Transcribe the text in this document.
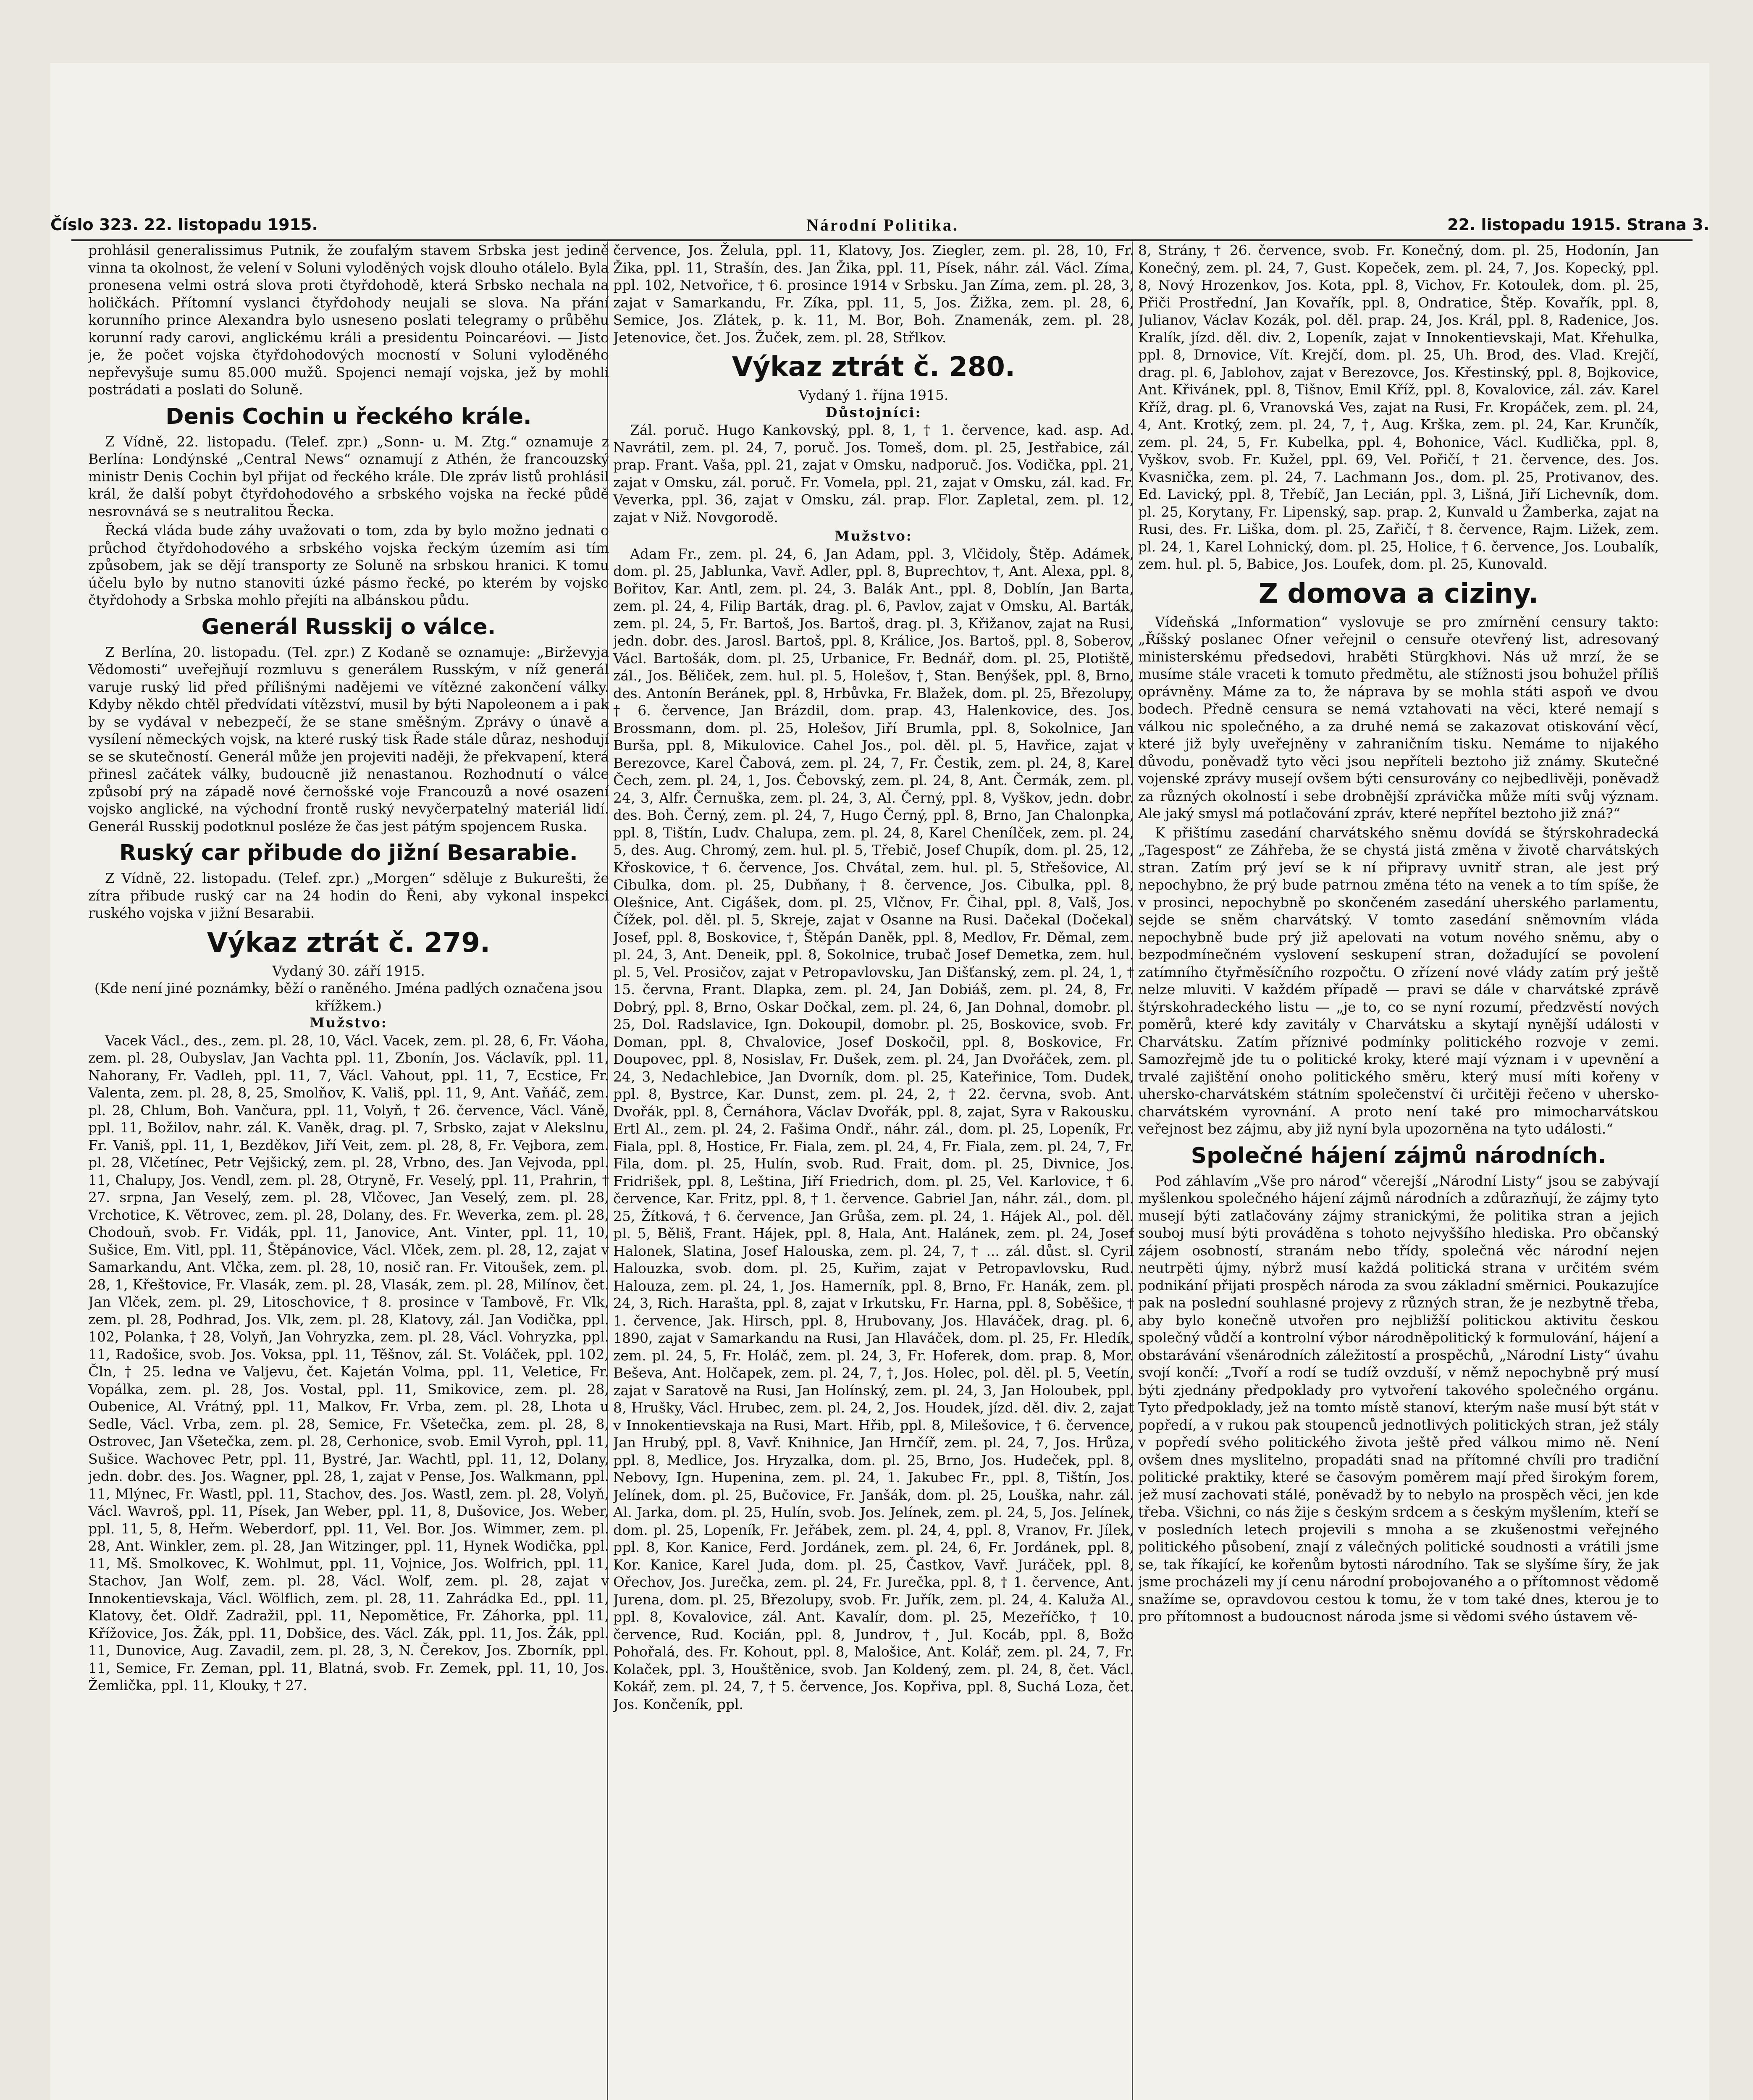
Číslo 323. 22. listopadu 1915.	Národní Politika.	22. listopadu 1915. Strana 3.

prohlásil generalissimus Putnik, že zoufalým stavem Srbska jest jedině vinna ta okolnost, že velení v Soluni vyloděných vojsk dlouho otálelo. Byla pronesena velmi ostrá slova proti čtyřdohodě, která Srbsko nechala na holičkách. Přítomní vyslanci čtyřdohody neujali se slova. Na přání korunního prince Alexandra bylo usneseno poslati telegramy o průběhu korunní rady carovi, anglickému králi a presidentu Poincaréovi. — Jisto je, že počet vojska čtyřdohodových mocností v Soluni vyloděného nepřevyšuje sumu 85.000 mužů. Spojenci nemají vojska, jež by mohli postrádati a poslati do Soluně.

Denis Cochin u řeckého krále.

Z Vídně, 22. listopadu. (Telef. zpr.) „Sonn- u. M. Ztg.“ oznamuje z Berlína: Londýnské „Central News“ oznamují z Athén, že francouzský ministr Denis Cochin byl přijat od řeckého krále. Dle zpráv listů prohlásil král, že další pobyt čtyřdohodového a srbského vojska na řecké půdě nesrovnává se s neutralitou Řecka.

Řecká vláda bude záhy uvažovati o tom, zda by bylo možno jednati o průchod čtyřdohodového a srbského vojska řeckým územím asi tím způsobem, jak se dějí transporty ze Soluně na srbskou hranici. K tomu účelu bylo by nutno stanoviti úzké pásmo řecké, po kterém by vojsko čtyřdohody a Srbska mohlo přejíti na albánskou půdu.

Generál Russkij o válce.

Z Berlína, 20. listopadu. (Tel. zpr.) Z Kodaně se oznamuje: „Birževyja Vědomosti“ uveřejňují rozmluvu s generálem Rusským, v níž generál varuje ruský lid před přílišnými nadějemi ve vítězné zakončení války. Kdyby někdo chtěl předvídati vítězství, musil by býti Napoleonem a i pak by se vydával v nebezpečí, že se stane směšným. Zprávy o únavě a vysílení německých vojsk, na které ruský tisk Řade stále důraz, neshodují se se skutečností. Generál může jen projeviti naději, že překvapení, která přinesl začátek války, budoucně již nenastanou. Rozhodnutí o válce způsobí prý na západě nové černošské voje Francouzů a nové osazení vojsko anglické, na východní frontě ruský nevyčerpatelný materiál lidí. Generál Russkij podotknul posléze že čas jest pátým spojencem Ruska.

Ruský car přibude do jižní Besarabie.

Z Vídně, 22. listopadu. (Telef. zpr.) „Morgen“ sděluje z Bukurešti, že zítra přibude ruský car na 24 hodin do Řeni, aby vykonal inspekci ruského vojska v jižní Besarabii.

Výkaz ztrát č. 279.
Vydaný 30. září 1915.
(Kde není jiné poznámky, běží o raněného. Jména padlých označena jsou křížkem.)
Mužstvo:

Vacek Václ., des., zem. pl. 28, 10, Václ. Vacek, zem. pl. 28, 6, Fr. Váoha, zem. pl. 28, Oubyslav, Jan Vachta ppl. 11, Zbonín, Jos. Václavík, ppl. 11, Nahorany, Fr. Vadleh, ppl. 11, 7, Václ. Vahout, ppl. 11, 7, Ecstice, Fr. Valenta, zem. pl. 28, 8, 25, Smolňov, K. Vališ, ppl. 11, 9, Ant. Vaňáč, zem. pl. 28, Chlum, Boh. Vančura, ppl. 11, Volyň, † 26. července, Václ. Váně, ppl. 11, Božilov, nahr. zál. K. Vaněk, drag. pl. 7, Srbsko, zajat v Alekslnu, Fr. Vaniš, ppl. 11, 1, Bezděkov, Jiří Veit, zem. pl. 28, 8, Fr. Vejbora, zem. pl. 28, Vlčetínec, Petr Vejšický, zem. pl. 28, Vrbno, des. Jan Vejvoda, ppl. 11, Chalupy, Jos. Vendl, zem. pl. 28, Otryně, Fr. Veselý, ppl. 11, Prahrin, † 27. srpna, Jan Veselý, zem. pl. 28, Vlčovec, Jan Veselý, zem. pl. 28, Vrchotice, K. Větrovec, zem. pl. 28, Dolany, des. Fr. Weverka, zem. pl. 28, Chodouň, svob. Fr. Vidák, ppl. 11, Janovice, Ant. Vinter, ppl. 11, 10, Sušice, Em. Vitl, ppl. 11, Štěpánovice, Václ. Vlček, zem. pl. 28, 12, zajat v Samarkandu, Ant. Vlčka, zem. pl. 28, 10, nosič ran. Fr. Vitoušek, zem. pl. 28, 1, Křeštovice, Fr. Vlasák, zem. pl. 28, Vlasák, zem. pl. 28, Milínov, čet. Jan Vlček, zem. pl. 29, Litoschovice, † 8. prosince v Tambově, Fr. Vlk, zem. pl. 28, Podhrad, Jos. Vlk, zem. pl. 28, Klatovy, zál. Jan Vodička, ppl. 102, Polanka, † 28, Volyň, Jan Vohryzka, zem. pl. 28, Václ. Vohryzka, ppl. 11, Radošice, svob. Jos. Voksa, ppl. 11, Těšnov, zál. St. Voláček, ppl. 102, Čln, † 25. ledna ve Valjevu, čet. Kajetán Volma, ppl. 11, Veletice, Fr. Vopálka, zem. pl. 28, Jos. Vostal, ppl. 11, Smikovice, zem. pl. 28, Oubenice, Al. Vrátný, ppl. 11, Malkov, Fr. Vrba, zem. pl. 28, Lhota u Sedle, Václ. Vrba, zem. pl. 28, Semice, Fr. Všetečka, zem. pl. 28, 8, Ostrovec, Jan Všetečka, zem. pl. 28, Cerhonice, svob. Emil Vyroh, ppl. 11, Sušice. Wachovec Petr, ppl. 11, Bystré, Jar. Wachtl, ppl. 11, 12, Dolany, jedn. dobr. des. Jos. Wagner, ppl. 28, 1, zajat v Pense, Jos. Walkmann, ppl. 11, Mlýnec, Fr. Wastl, ppl. 11, Stachov, des. Jos. Wastl, zem. pl. 28, Volyň, Václ. Wavroš, ppl. 11, Písek, Jan Weber, ppl. 11, 8, Dušovice, Jos. Weber, ppl. 11, 5, 8, Heřm. Weberdorf, ppl. 11, Vel. Bor. Jos. Wimmer, zem. pl. 28, Ant. Winkler, zem. pl. 28, Jan Witzinger, ppl. 11, Hynek Wodička, ppl. 11, Mš. Smolkovec, K. Wohlmut, ppl. 11, Vojnice, Jos. Wolfrich, ppl. 11, Stachov, Jan Wolf, zem. pl. 28, Václ. Wolf, zem. pl. 28, zajat v Innokentievskaja, Václ. Wölflich, zem. pl. 28, 11. Zahrádka Ed., ppl. 11, Klatovy, čet. Oldř. Zadražil, ppl. 11, Nepomětice, Fr. Záhorka, ppl. 11, Křížovice, Jos. Žák, ppl. 11, Dobšice, des. Václ. Zák, ppl. 11, Jos. Žák, ppl. 11, Dunovice, Aug. Zavadil, zem. pl. 28, 3, N. Čerekov, Jos. Zborník, ppl. 11, Semice, Fr. Zeman, ppl. 11, Blatná, svob. Fr. Zemek, ppl. 11, 10, Jos. Žemlička, ppl. 11, Klouky, † 27.

července, Jos. Želula, ppl. 11, Klatovy, Jos. Ziegler, zem. pl. 28, 10, Fr. Žika, ppl. 11, Strašín, des. Jan Žika, ppl. 11, Písek, náhr. zál. Václ. Zíma, ppl. 102, Netvořice, † 6. prosince 1914 v Srbsku. Jan Zíma, zem. pl. 28, 3, zajat v Samarkandu, Fr. Zíka, ppl. 11, 5, Jos. Žižka, zem. pl. 28, 6, Semice, Jos. Zlátek, p. k. 11, M. Bor, Boh. Znamenák, zem. pl. 28, Jetenovice, čet. Jos. Žuček, zem. pl. 28, Střlkov.

Výkaz ztrát č. 280.
Vydaný 1. října 1915.
Důstojníci:

Zál. poruč. Hugo Kankovský, ppl. 8, 1, † 1. července, kad. asp. Ad. Navrátil, zem. pl. 24, 7, poruč. Jos. Tomeš, dom. pl. 25, Jestřabice, zál. prap. Frant. Vaša, ppl. 21, zajat v Omsku, nadporuč. Jos. Vodička, ppl. 21, zajat v Omsku, zál. poruč. Fr. Vomela, ppl. 21, zajat v Omsku, zál. kad. Fr. Veverka, ppl. 36, zajat v Omsku, zál. prap. Flor. Zapletal, zem. pl. 12, zajat v Niž. Novgorodě.

Mužstvo:

Adam Fr., zem. pl. 24, 6, Jan Adam, ppl. 3, Vlčidoly, Štěp. Adámek, dom. pl. 25, Jablunka, Vavř. Adler, ppl. 8, Buprechtov, †, Ant. Alexa, ppl. 8, Bořitov, Kar. Antl, zem. pl. 24, 3. Balák Ant., ppl. 8, Doblín, Jan Barta, zem. pl. 24, 4, Filip Barták, drag. pl. 6, Pavlov, zajat v Omsku, Al. Barták, zem. pl. 24, 5, Fr. Bartoš, Jos. Bartoš, drag. pl. 3, Křižanov, zajat na Rusi, jedn. dobr. des. Jarosl. Bartoš, ppl. 8, Králice, Jos. Bartoš, ppl. 8, Soberov, Václ. Bartošák, dom. pl. 25, Urbanice, Fr. Bednář, dom. pl. 25, Plotiště, zál., Jos. Běliček, zem. hul. pl. 5, Holešov, †, Stan. Benýšek, ppl. 8, Brno, des. Antonín Beránek, ppl. 8, Hrbůvka, Fr. Blažek, dom. pl. 25, Březolupy, † 6. července, Jan Brázdil, dom. prap. 43, Halenkovice, des. Jos. Brossmann, dom. pl. 25, Holešov, Jiří Brumla, ppl. 8, Sokolnice, Jan Burša, ppl. 8, Mikulovice. Cahel Jos., pol. děl. pl. 5, Havřice, zajat v Berezovce, Karel Čabová, zem. pl. 24, 7, Fr. Čestik, zem. pl. 24, 8, Karel Čech, zem. pl. 24, 1, Jos. Čebovský, zem. pl. 24, 8, Ant. Čermák, zem. pl. 24, 3, Alfr. Černuška, zem. pl. 24, 3, Al. Černý, ppl. 8, Vyškov, jedn. dobr. des. Boh. Černý, zem. pl. 24, 7, Hugo Černý, ppl. 8, Brno, Jan Chalonpka, ppl. 8, Tištín, Ludv. Chalupa, zem. pl. 24, 8, Karel Chenílček, zem. pl. 24, 5, des. Aug. Chromý, zem. hul. pl. 5, Třebič, Josef Chupík, dom. pl. 25, 12, Křoskovice, † 6. července, Jos. Chvátal, zem. hul. pl. 5, Střešovice, Al. Cibulka, dom. pl. 25, Dubňany, † 8. července, Jos. Cibulka, ppl. 8, Olešnice, Ant. Cigášek, dom. pl. 25, Vlčnov, Fr. Čihal, ppl. 8, Valš, Jos. Čížek, pol. děl. pl. 5, Skreje, zajat v Osanne na Rusi. Dačekal (Dočekal) Josef, ppl. 8, Boskovice, †, Štěpán Daněk, ppl. 8, Medlov, Fr. Děmal, zem. pl. 24, 3, Ant. Deneik, ppl. 8, Sokolnice, trubač Josef Demetka, zem. hul. pl. 5, Vel. Prosičov, zajat v Petropavlovsku, Jan Dišťanský, zem. pl. 24, 1, † 15. června, Frant. Dlapka, zem. pl. 24, Jan Dobiáš, zem. pl. 24, 8, Fr. Dobrý, ppl. 8, Brno, Oskar Dočkal, zem. pl. 24, 6, Jan Dohnal, domobr. pl. 25, Dol. Radslavice, Ign. Dokoupil, domobr. pl. 25, Boskovice, svob. Fr. Doman, ppl. 8, Chvalovice, Josef Doskočil, ppl. 8, Boskovice, Fr. Doupovec, ppl. 8, Nosislav, Fr. Dušek, zem. pl. 24, Jan Dvořáček, zem. pl. 24, 3, Nedachlebice, Jan Dvorník, dom. pl. 25, Kateřinice, Tom. Dudek, ppl. 8, Bystrce, Kar. Dunst, zem. pl. 24, 2, † 22. června, svob. Ant. Dvořák, ppl. 8, Černáhora, Václav Dvořák, ppl. 8, zajat, Syra v Rakousku. Ertl Al., zem. pl. 24, 2. Fašima Ondř., náhr. zál., dom. pl. 25, Lopeník, Fr. Fiala, ppl. 8, Hostice, Fr. Fiala, zem. pl. 24, 4, Fr. Fiala, zem. pl. 24, 7, Fr. Fila, dom. pl. 25, Hulín, svob. Rud. Frait, dom. pl. 25, Divnice, Jos. Fridrišek, ppl. 8, Leština, Jiří Friedrich, dom. pl. 25, Vel. Karlovice, † 6. července, Kar. Fritz, ppl. 8, † 1. července. Gabriel Jan, náhr. zál., dom. pl. 25, Žítková, † 6. července, Jan Grůša, zem. pl. 24, 1. Hájek Al., pol. děl. pl. 5, Běliš, Frant. Hájek, ppl. 8, Hala, Ant. Halánek, zem. pl. 24, Josef Halonek, Slatina, Josef Halouska, zem. pl. 24, 7, † ... zál. důst. sl. Cyril Halouzka, svob. dom. pl. 25, Kuřim, zajat v Petropavlovsku, Rud. Halouza, zem. pl. 24, 1, Jos. Hamerník, ppl. 8, Brno, Fr. Hanák, zem. pl. 24, 3, Rich. Harašta, ppl. 8, zajat v Irkutsku, Fr. Harna, ppl. 8, Soběšice, † 1. července, Jak. Hirsch, ppl. 8, Hrubovany, Jos. Hlaváček, drag. pl. 6, 1890, zajat v Samarkandu na Rusi, Jan Hlaváček, dom. pl. 25, Fr. Hledík, zem. pl. 24, 5, Fr. Holáč, zem. pl. 24, 3, Fr. Hoferek, dom. prap. 8, Mor. Beševa, Ant. Holčapek, zem. pl. 24, 7, †, Jos. Holec, pol. děl. pl. 5, Veetín, zajat v Saratově na Rusi, Jan Holínský, zem. pl. 24, 3, Jan Holoubek, ppl. 8, Hrušky, Václ. Hrubec, zem. pl. 24, 2, Jos. Houdek, jízd. děl. div. 2, zajat v Innokentievskaja na Rusi, Mart. Hřib, ppl. 8, Milešovice, † 6. července, Jan Hrubý, ppl. 8, Vavř. Knihnice, Jan Hrnčíř, zem. pl. 24, 7, Jos. Hrůza, ppl. 8, Medlice, Jos. Hryzalka, dom. pl. 25, Brno, Jos. Hudeček, ppl. 8, Nebovy, Ign. Hupenina, zem. pl. 24, 1. Jakubec Fr., ppl. 8, Tištín, Jos. Jelínek, dom. pl. 25, Bučovice, Fr. Janšák, dom. pl. 25, Louška, nahr. zál. Al. Jarka, dom. pl. 25, Hulín, svob. Jos. Jelínek, zem. pl. 24, 5, Jos. Jelínek, dom. pl. 25, Lopeník, Fr. Jeřábek, zem. pl. 24, 4, ppl. 8, Vranov, Fr. Jílek, ppl. 8, Kor. Kanice, Ferd. Jordánek, zem. pl. 24, 6, Fr. Jordánek, ppl. 8, Kor. Kanice, Karel Juda, dom. pl. 25, Častkov, Vavř. Juráček, ppl. 8, Ořechov, Jos. Jurečka, zem. pl. 24, Fr. Jurečka, ppl. 8, † 1. července, Ant. Jurena, dom. pl. 25, Březolupy, svob. Fr. Juřík, zem. pl. 24, 4. Kaluža Al., ppl. 8, Kovalovice, zál. Ant. Kavalír, dom. pl. 25, Mezeříčko, † 10. července, Rud. Kocián, ppl. 8, Jundrov, †, Jul. Kocáb, ppl. 8, Božo Pohořalá, des. Fr. Kohout, ppl. 8, Malošice, Ant. Kolář, zem. pl. 24, 7, Fr. Kolaček, ppl. 3, Houštěnice, svob. Jan Koldený, zem. pl. 24, 8, čet. Václ. Kokář, zem. pl. 24, 7, † 5. července, Jos. Kopřiva, ppl. 8, Suchá Loza, čet. Jos. Končeník, ppl.

8, Strány, † 26. července, svob. Fr. Konečný, dom. pl. 25, Hodonín, Jan Konečný, zem. pl. 24, 7, Gust. Kopeček, zem. pl. 24, 7, Jos. Kopecký, ppl. 8, Nový Hrozenkov, Jos. Kota, ppl. 8, Vichov, Fr. Kotoulek, dom. pl. 25, Přiči Prostřední, Jan Kovařík, ppl. 8, Ondratice, Štěp. Kovařík, ppl. 8, Julianov, Václav Kozák, pol. děl. prap. 24, Jos. Král, ppl. 8, Radenice, Jos. Kralík, jízd. děl. div. 2, Lopeník, zajat v Innokentievskaji, Mat. Křehulka, ppl. 8, Drnovice, Vít. Krejčí, dom. pl. 25, Uh. Brod, des. Vlad. Krejčí, drag. pl. 6, Jablohov, zajat v Berezovce, Jos. Křestinský, ppl. 8, Bojkovice, Ant. Křivánek, ppl. 8, Tišnov, Emil Kříž, ppl. 8, Kovalovice, zál. záv. Karel Kříž, drag. pl. 6, Vranovská Ves, zajat na Rusi, Fr. Kropáček, zem. pl. 24, 4, Ant. Krotký, zem. pl. 24, 7, †, Aug. Krška, zem. pl. 24, Kar. Krunčík, zem. pl. 24, 5, Fr. Kubelka, ppl. 4, Bohonice, Václ. Kudlička, ppl. 8, Vyškov, svob. Fr. Kužel, ppl. 69, Vel. Pořičí, † 21. července, des. Jos. Kvasnička, zem. pl. 24, 7. Lachmann Jos., dom. pl. 25, Protivanov, des. Ed. Lavický, ppl. 8, Třebíč, Jan Lecián, ppl. 3, Lišná, Jiří Lichevník, dom. pl. 25, Korytany, Fr. Lipenský, sap. prap. 2, Kunvald u Žamberka, zajat na Rusi, des. Fr. Liška, dom. pl. 25, Zařičí, † 8. července, Rajm. Ližek, zem. pl. 24, 1, Karel Lohnický, dom. pl. 25, Holice, † 6. července, Jos. Loubalík, zem. hul. pl. 5, Babice, Jos. Loufek, dom. pl. 25, Kunovald.

Z domova a ciziny.

Vídeňská „Information“ vyslovuje se pro zmírnění censury takto: „Říšský poslanec Ofner veřejnil o censuře otevřený list, adresovaný ministerskému předsedovi, hraběti Stürgkhovi. Nás už mrzí, že se musíme stále vraceti k tomuto předmětu, ale stížnosti jsou bohužel příliš oprávněny. Máme za to, že náprava by se mohla státi aspoň ve dvou bodech. Předně censura se nemá vztahovati na věci, které nemají s válkou nic společného, a za druhé nemá se zakazovat otiskování věcí, které již byly uveřejněny v zahraničním tisku. Nemáme to nijakého důvodu, poněvadž tyto věci jsou nepříteli beztoho již známy. Skutečné vojenské zprávy musejí ovšem býti censurovány co nejbedlivěji, poněvadž za různých okolností i sebe drobnější zprávička může míti svůj význam. Ale jaký smysl má potlačování zpráv, které nepřítel beztoho již zná?“

K přištímu zasedání charvátského sněmu dovídá se štýrskohradecká „Tagespost“ ze Záhřeba, že se chystá jistá změna v životě charvátských stran. Zatím prý jeví se k ní připravy uvnitř stran, ale jest prý nepochybno, že prý bude patrnou změna této na venek a to tím spíše, že v prosinci, nepochybně po skončeném zasedání uherského parlamentu, sejde se sněm charvátský. V tomto zasedání sněmovním vláda nepochybně bude prý již apelovati na votum nového sněmu, aby o bezpodmínečném vyslovení seskupení stran, dožadující se povolení zatímního čtyřměsíčního rozpočtu. O zřízení nové vlády zatím prý ještě nelze mluviti. V každém případě — pravi se dále v charvátské zprávě štýrskohradeckého listu — „je to, co se nyní rozumí, předzvěstí nových poměrů, které kdy zavitály v Charvátsku a skytají nynější události v Charvátsku. Zatím příznivé podmínky politického rozvoje v zemi. Samozřejmě jde tu o politické kroky, které mají význam i v upevnění a trvalé zajištění onoho politického směru, který musí míti kořeny v uhersko-charvátském státním společenství či určitěji řečeno v uhersko-charvátském vyrovnání. A proto není také pro mimocharvátskou veřejnost bez zájmu, aby již nyní byla upozorněna na tyto události.“

Společné hájení zájmů národních.

Pod záhlavím „Vše pro národ“ včerejší „Národní Listy“ jsou se zabývají myšlenkou společného hájení zájmů národních a zdůrazňují, že zájmy tyto musejí býti zatlačovány zájmy stranickými, že politika stran a jejich souboj musí býti prováděna s tohoto nejvyššího hlediska. Pro občanský zájem osobností, stranám nebo třídy, společná věc národní nejen neutrpěti újmy, nýbrž musí každá politická strana v určitém svém podnikání přijati prospěch národa za svou základní směrnici. Poukazujíce pak na poslední souhlasné projevy z různých stran, že je nezbytně třeba, aby bylo konečně utvořen pro nejbližší politickou aktivitu českou společný vůdčí a kontrolní výbor národněpolitický k formulování, hájení a obstarávání všenárodních záležitostí a prospěchů, „Národní Listy“ úvahu svojí končí: „Tvoří a rodí se tudíž ovzduší, v němž nepochybně prý musí býti zjednány předpoklady pro vytvoření takového společného orgánu. Tyto předpoklady, jež na tomto místě stanoví, kterým naše musí být stát v popředí, a v rukou pak stoupenců jednotlivých politických stran, jež stály v popředí svého politického života ještě před válkou mimo ně. Není ovšem dnes myslitelno, propadáti snad na přítomné chvíli pro tradiční politické praktiky, které se časovým poměrem mají před širokým forem, jež musí zachovati stálé, poněvadž by to nebylo na prospěch věci, jen kde třeba. Všichni, co nás žije s českým srdcem a s českým myšlením, kteří se v posledních letech projevili s mnoha a se zkušenostmi veřejného politického působení, znají z válečných politické soudnosti a vrátili jsme se, tak říkající, ke kořenům bytosti národního. Tak se slyšíme šíry, že jak jsme procházeli my jí cenu národní probojovaného a o přítomnost vědomě snažíme se, opravdovou cestou k tomu, že v tom také dnes, kterou je to pro přítomnost a budoucnost národa jsme si vědomi svého ústavem vě-
